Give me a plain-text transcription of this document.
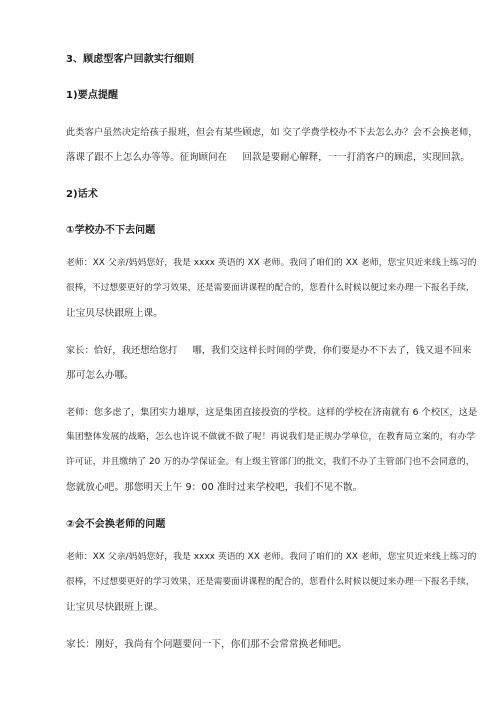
3、顾虑型客户回款实行细则
1)要点提醒
此类客户虽然决定给孩子报班，但会有某些顾虑，如 交了学费学校办不下去怎么办？会不会换老师，
落课了跟不上怎么办等等。征询顾问在     回款是要耐心解释，一一打消客户的顾虑，实现回款。
2)话术
①学校办不下去问题
老师：XX 父亲/妈妈您好，我是 xxxx 英语的 XX 老师。我问了咱们的 XX 老师，您宝贝近来线上练习的
很棒，不过想要更好的学习效果，还是需要面讲课程的配合的，您看什么时候以便过来办理一下报名手续，
让宝贝尽快跟班上课。
家长：恰好，我还想给您打     哪，我们交这样长时间的学费，你们要是办不下去了，钱又退不回来
那可怎么办哪。
老师：您多虑了，集团实力雄厚，这是集团直接投资的学校。这样的学校在济南就有 6 个校区，这是
集团整体发展的战略，怎么也许说不做就不做了呢！再说我们是正规办学单位，在教育局立案的，有办学
许可证，并且缴纳了 20 万的办学保证金。有上级主管部门的批文，我们不办了主管部门也不会同意的，
您就放心吧。那您明天上午 9：00 准时过来学校吧，我们不见不散。
②会不会换老师的问题
老师：XX 父亲/妈妈您好，我是 xxxx 英语的 XX 老师。我问了咱们的 XX 老师，您宝贝近来线上练习的
很棒，不过想要更好的学习效果，还是需要面讲课程的配合的，您看什么时候以便过来办理一下报名手续，
让宝贝尽快跟班上课。
家长：刚好，我尚有个问题要问一下，你们那不会常常换老师吧。
